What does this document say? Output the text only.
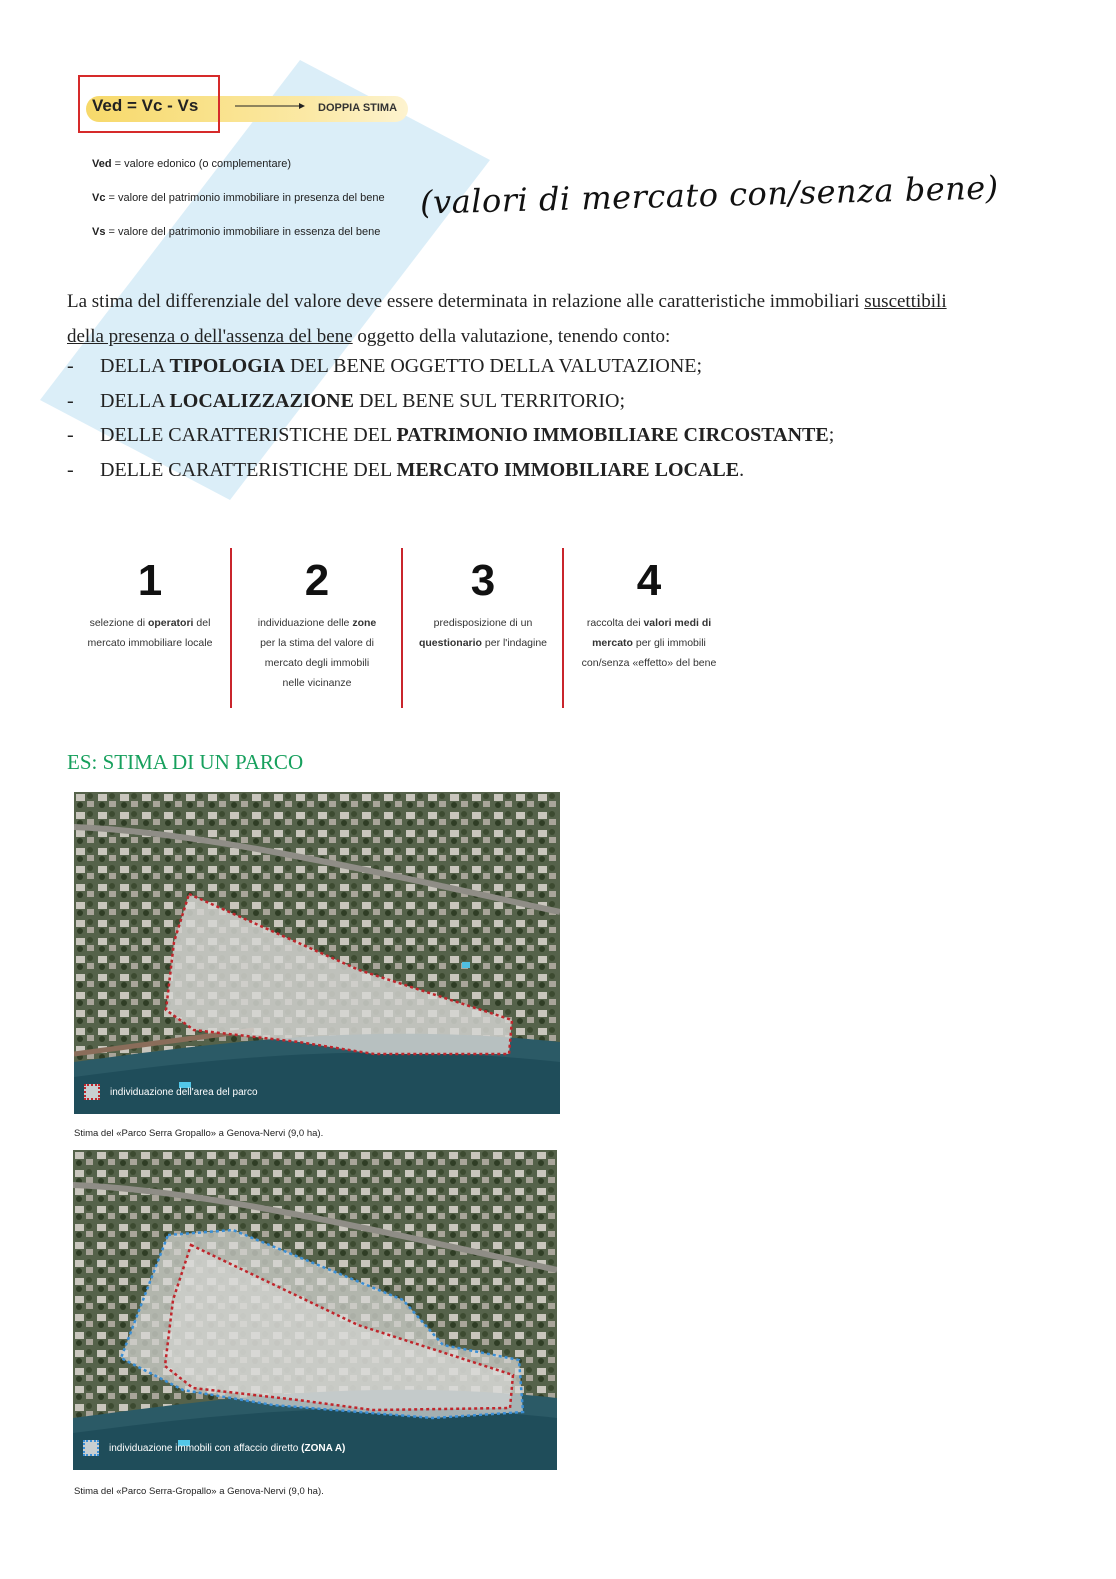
Ved = Vc - Vs	DOPPIA STIMA
Ved = valore edonico (o complementare)
Vc = valore del patrimonio immobiliare in presenza del bene
Vs = valore del patrimonio immobiliare in essenza del bene
(valori di mercato con/senza bene)
La stima del differenziale del valore deve essere determinata in relazione alle caratteristiche immobiliari suscettibili
della presenza o dell'assenza del bene oggetto della valutazione, tenendo conto:
- DELLA TIPOLOGIA DEL BENE OGGETTO DELLA VALUTAZIONE;
- DELLA LOCALIZZAZIONE DEL BENE SUL TERRITORIO;
- DELLE CARATTERISTICHE DEL PATRIMONIO IMMOBILIARE CIRCOSTANTE;
- DELLE CARATTERISTICHE DEL MERCATO IMMOBILIARE LOCALE.
1
selezione di operatori del
mercato immobiliare locale
2
individuazione delle zone
per la stima del valore di
mercato degli immobili
nelle vicinanze
3
predisposizione di un
questionario per l'indagine
4
raccolta dei valori medi di
mercato per gli immobili
con/senza «effetto» del bene
ES: STIMA DI UN PARCO
individuazione dell'area del parco
Stima del «Parco Serra Gropallo» a Genova-Nervi (9,0 ha).
individuazione immobili con affaccio diretto (ZONA A)
Stima del «Parco Serra-Gropallo» a Genova-Nervi (9,0 ha).
